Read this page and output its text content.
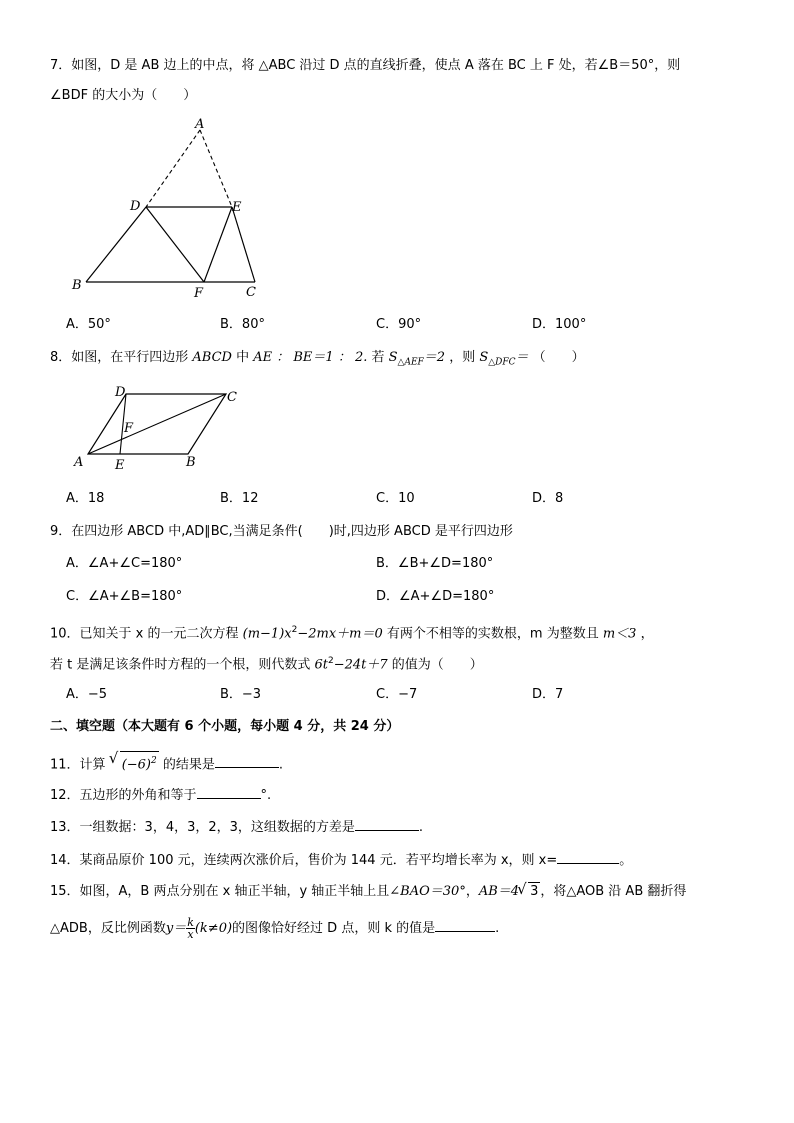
7．如图，D 是 AB 边上的中点，将 △ABC 沿过 D 点的直线折叠，使点 A 落在 BC 上 F 处，若∠B＝50°，则
∠BDF 的大小为（　　）
A
D	E
B
F	C
A．50°	B．80°	C．90°	D．100°
8．如图，在平行四边形 ABCD 中 AE ： BE＝1 ： 2. 若 $S_{\triangle AEF}=2$ ，则 $S_{\triangle DFC}=$ （　　）
D	C
F
A E	B
A．18	B．12	C．10	D．8
9．在四边形 ABCD 中,AD∥BC,当满足条件(　　)时,四边形 ABCD 是平行四边形
A．∠A+∠C=180°	B．∠B+∠D=180°
C．∠A+∠B=180°	D．∠A+∠D=180°
10．已知关于 x 的一元二次方程 $(m-1)x^2-2mx+m=0$ 有两个不相等的实数根，m 为整数且 m＜3 ，
若 t 是满足该条件时方程的一个根，则代数式 $6t^2-24t+7$ 的值为（　　）
A．−5	B．−3	C．−7	D．7
二、填空题（本大题有 6 个小题，每小题 4 分，共 24 分）
11．计算 √ $(-6)^2$ 的结果是	.
12．五边形的外角和等于	°.
13．一组数据：3，4，3，2，3，这组数据的方差是	.
14．某商品原价 100 元，连续两次涨价后，售价为 144 元．若平均增长率为 x，则 x=	。
15．如图，A，B 两点分别在 x 轴正半轴，y 轴正半轴上且∠BAO＝30°，AB＝4√ 3 ，将△AOB 沿 AB 翻折得
△ADB，反比例函数$y= \frac{k}{x} (k\ne 0)$的图像恰好经过 D 点，则 k 的值是	.
